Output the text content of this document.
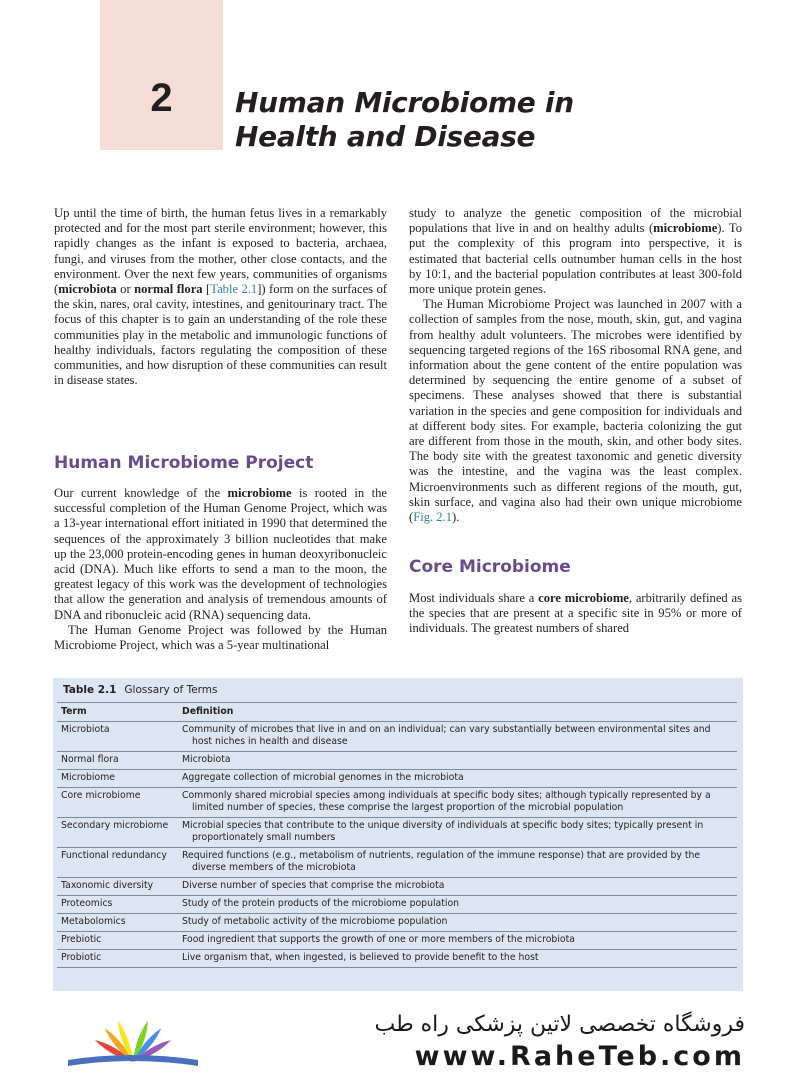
2	Human Microbiome in
Health and Disease

Up until the time of birth, the human fetus lives in a remarkably protected and for the most part sterile environment; however, this rapidly changes as the infant is exposed to bacteria, archaea, fungi, and viruses from the mother, other close contacts, and the environment. Over the next few years, communities of organisms (microbiota or normal flora [Table 2.1]) form on the surfaces of the skin, nares, oral cavity, intestines, and genitourinary tract. The focus of this chapter is to gain an understanding of the role these communities play in the metabolic and immunologic functions of healthy individuals, factors regulating the composition of these communities, and how disruption of these communities can result in disease states.

Human Microbiome Project

Our current knowledge of the microbiome is rooted in the successful completion of the Human Genome Project, which was a 13-year international effort initiated in 1990 that determined the sequences of the approximately 3 billion nucleotides that make up the 23,000 protein-encoding genes in human deoxyribonucleic acid (DNA). Much like efforts to send a man to the moon, the greatest legacy of this work was the development of technologies that allow the generation and analysis of tremendous amounts of DNA and ribonucleic acid (RNA) sequencing data.

The Human Genome Project was followed by the Human Microbiome Project, which was a 5-year multinational

study to analyze the genetic composition of the microbial populations that live in and on healthy adults (microbiome). To put the complexity of this program into perspective, it is estimated that bacterial cells outnumber human cells in the host by 10:1, and the bacterial population contributes at least 300-fold more unique protein genes.

The Human Microbiome Project was launched in 2007 with a collection of samples from the nose, mouth, skin, gut, and vagina from healthy adult volunteers. The microbes were identified by sequencing targeted regions of the 16S ribosomal RNA gene, and information about the gene content of the entire population was determined by sequencing the entire genome of a subset of specimens. These analyses showed that there is substantial variation in the species and gene composition for individuals and at different body sites. For example, bacteria colonizing the gut are different from those in the mouth, skin, and other body sites. The body site with the greatest taxonomic and genetic diversity was the intestine, and the vagina was the least complex. Microenvironments such as different regions of the mouth, gut, skin surface, and vagina also had their own unique microbiome (Fig. 2.1).

Core Microbiome

Most individuals share a core microbiome, arbitrarily defined as the species that are present at a specific site in 95% or more of individuals. The greatest numbers of shared

Table 2.1 Glossary of Terms
Term	Definition
Microbiota	Community of microbes that live in and on an individual; can vary substantially between environmental sites and host niches in health and disease

Normal flora	Microbiota

Microbiome	Aggregate collection of microbial genomes in the microbiota

Core microbiome	Commonly shared microbial species among individuals at specific body sites; although typically represented by a limited number of species, these comprise the largest proportion of the microbial population

Secondary microbiome	Microbial species that contribute to the unique diversity of individuals at specific body sites; typically present in proportionately small numbers

Functional redundancy	Required functions (e.g., metabolism of nutrients, regulation of the immune response) that are provided by the diverse members of the microbiota

Taxonomic diversity	Diverse number of species that comprise the microbiota

Proteomics	Study of the protein products of the microbiome population

Metabolomics	Study of metabolic activity of the microbiome population

Prebiotic	Food ingredient that supports the growth of one or more members of the microbiota

Probiotic	Live organism that, when ingested, is believed to provide benefit to the host
فروشگاه تخصصی لاتین پزشکی راه طب
www.RaheTeb.com
